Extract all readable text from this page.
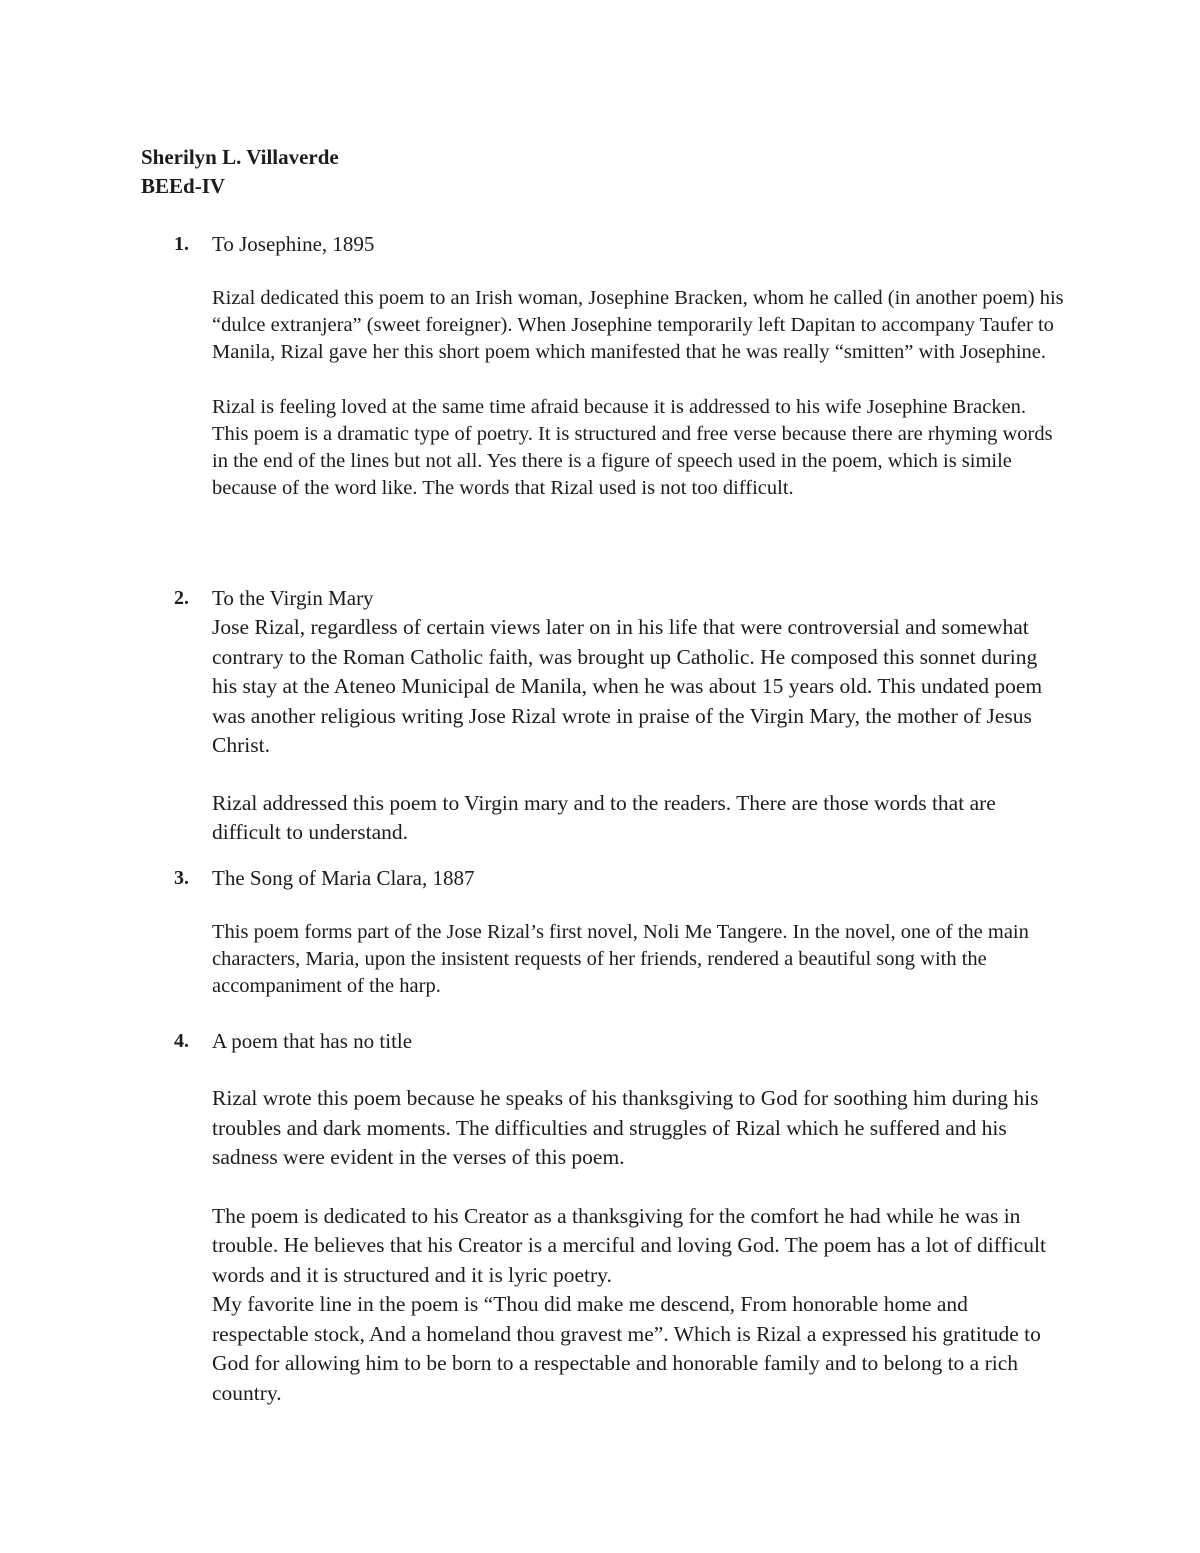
Sherilyn L. Villaverde
BEEd-IV
1.	To Josephine, 1895

Rizal dedicated this poem to an Irish woman, Josephine Bracken, whom he called (in another poem) his “dulce extranjera” (sweet foreigner). When Josephine temporarily left Dapitan to accompany Taufer to Manila, Rizal gave her this short poem which manifested that he was really “smitten” with Josephine.

Rizal is feeling loved at the same time afraid because it is addressed to his wife Josephine Bracken. This poem is a dramatic type of poetry. It is structured and free verse because there are rhyming words in the end of the lines but not all. Yes there is a figure of speech used in the poem, which is simile because of the word like. The words that Rizal used is not too difficult.

2.	To the Virgin Mary

Jose Rizal, regardless of certain views later on in his life that were controversial and somewhat contrary to the Roman Catholic faith, was brought up Catholic. He composed this sonnet during his stay at the Ateneo Municipal de Manila, when he was about 15 years old. This undated poem was another religious writing Jose Rizal wrote in praise of the Virgin Mary, the mother of Jesus Christ.

Rizal addressed this poem to Virgin mary and to the readers. There are those words that are difficult to understand.

3.	The Song of Maria Clara, 1887

This poem forms part of the Jose Rizal’s first novel, Noli Me Tangere. In the novel, one of the main characters, Maria, upon the insistent requests of her friends, rendered a beautiful song with the accompaniment of the harp.

4.	A poem that has no title

Rizal wrote this poem because he speaks of his thanksgiving to God for soothing him during his troubles and dark moments. The difficulties and struggles of Rizal which he suffered and his sadness were evident in the verses of this poem.

The poem is dedicated to his Creator as a thanksgiving for the comfort he had while he was in trouble. He believes that his Creator is a merciful and loving God. The poem has a lot of difficult words and it is structured and it is lyric poetry.

My favorite line in the poem is “Thou did make me descend, From honorable home and respectable stock, And a homeland thou gravest me”. Which is Rizal a expressed his gratitude to God for allowing him to be born to a respectable and honorable family and to belong to a rich country.
